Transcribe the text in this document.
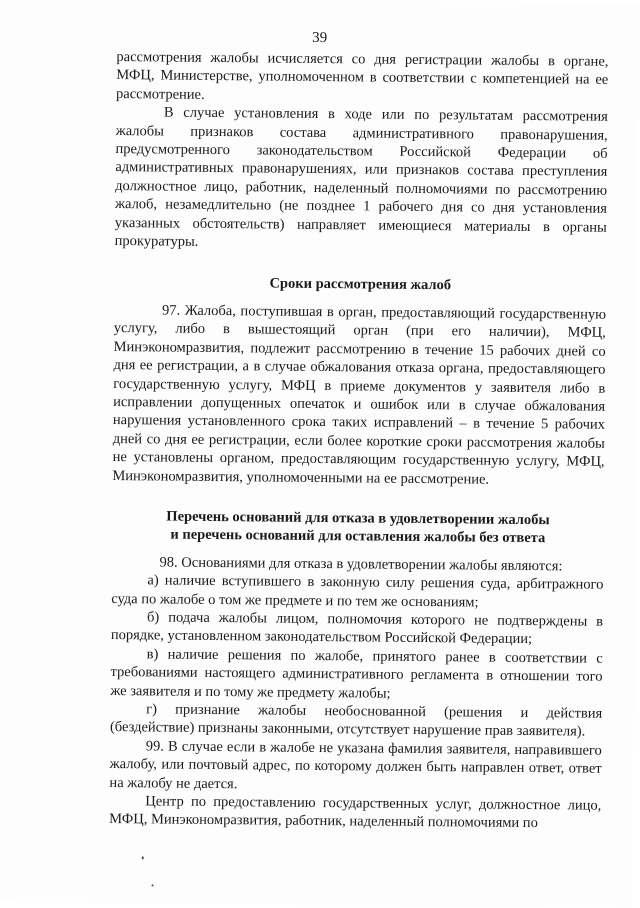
39

рассмотрения жалобы исчисляется со дня регистрации жалобы в органе, МФЦ, Министерстве, уполномоченном в соответствии с компетенцией на ее рассмотрение.

В случае установления в ходе или по результатам рассмотрения жалобы признаков состава административного правонарушения, предусмотренного законодательством Российской Федерации об административных правонарушениях, или признаков состава преступления должностное лицо, работник, наделенный полномочиями по рассмотрению жалоб, незамедлительно (не позднее 1 рабочего дня со дня установления указанных обстоятельств) направляет имеющиеся материалы в органы прокуратуры.

Сроки рассмотрения жалоб

97. Жалоба, поступившая в орган, предоставляющий государственную услугу, либо в вышестоящий орган (при его наличии), МФЦ, Минэкономразвития, подлежит рассмотрению в течение 15 рабочих дней со дня ее регистрации, а в случае обжалования отказа органа, предоставляющего государственную услугу, МФЦ в приеме документов у заявителя либо в исправлении допущенных опечаток и ошибок или в случае обжалования нарушения установленного срока таких исправлений – в течение 5 рабочих дней со дня ее регистрации, если более короткие сроки рассмотрения жалобы не установлены органом, предоставляющим государственную услугу, МФЦ, Минэкономразвития, уполномоченными на ее рассмотрение.

Перечень оснований для отказа в удовлетворении жалобы
и перечень оснований для оставления жалобы без ответа

98. Основаниями для отказа в удовлетворении жалобы являются:

а) наличие вступившего в законную силу решения суда, арбитражного суда по жалобе о том же предмете и по тем же основаниям;

б) подача жалобы лицом, полномочия которого не подтверждены в порядке, установленном законодательством Российской Федерации;

в) наличие решения по жалобе, принятого ранее в соответствии с требованиями настоящего административного регламента в отношении того же заявителя и по тому же предмету жалобы;

г) признание жалобы необоснованной (решения и действия (бездействие) признаны законными, отсутствует нарушение прав заявителя).

99. В случае если в жалобе не указана фамилия заявителя, направившего жалобу, или почтовый адрес, по которому должен быть направлен ответ, ответ на жалобу не дается.

Центр по предоставлению государственных услуг, должностное лицо, МФЦ, Минэкономразвития, работник, наделенный полномочиями по
